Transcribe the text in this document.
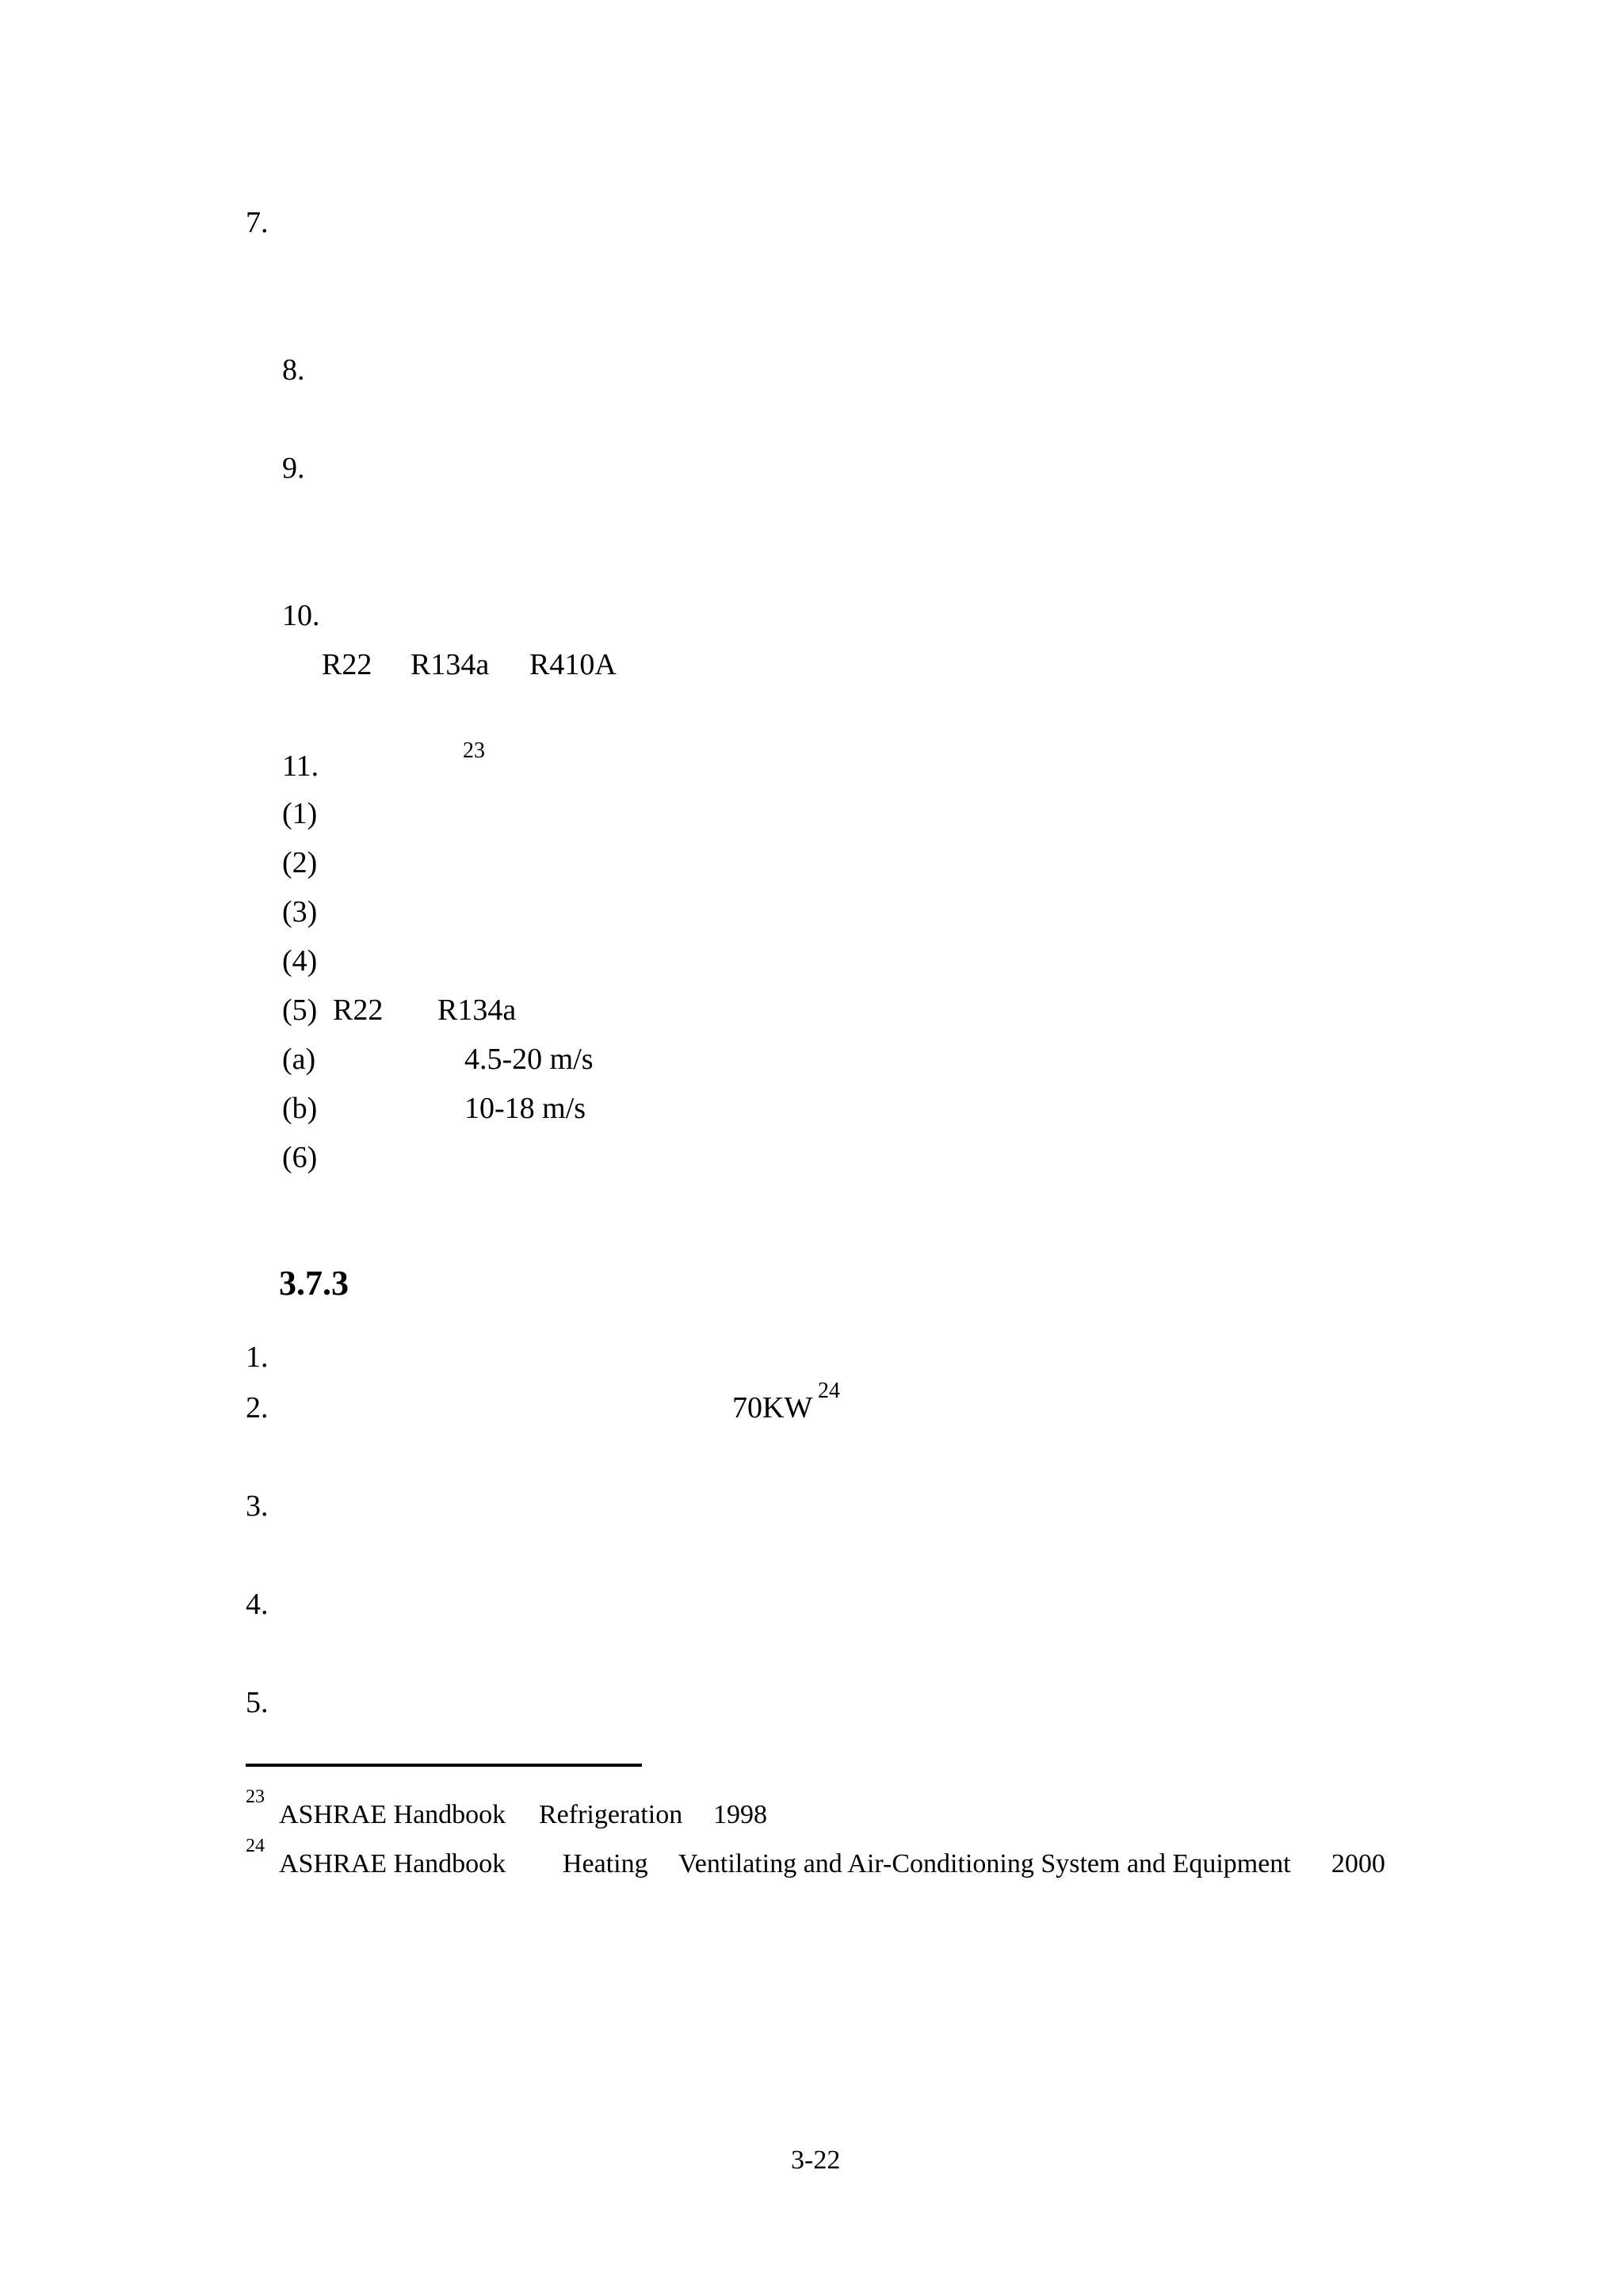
7.
8.
9.
10.
R22 R134a R410A
11.	23
(1)
(2)
(3)
(4)
(5) R22 R134a
(a)	4.5-20 m/s
(b)	10-18 m/s
(6)
3.7.3
1.
2.	70KW
24
3.
4.
5.
23
ASHRAE Handbook Refrigeration 1998
24
ASHRAE Handbook Heating Ventilating and Air-Conditioning System and Equipment 2000
3-22
